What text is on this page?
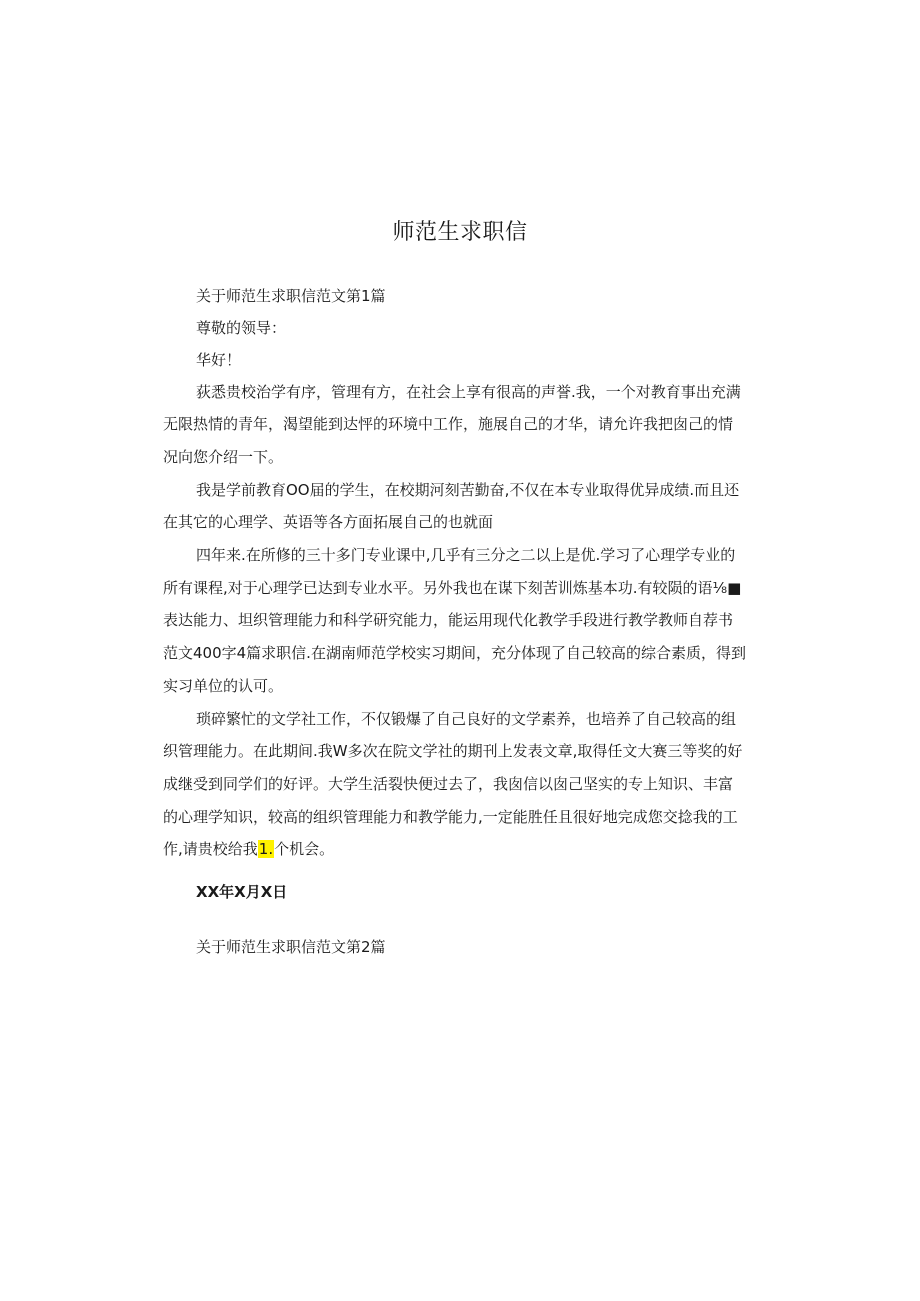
师范生求职信
关于师范生求职信范文第1篇
尊敬的领导：
华好！
荻悉贵校治学有序，管理有方，在社会上享有很高的声誉.我，一个对教育事出充满
无限热情的青年，渴望能到达怦的环境中工作，施展自己的才华，请允许我把囱己的情
况向您介绍一下。
我是学前教育OO届的学生，在校期河刻苦勤奋,不仅在本专业取得优异成绩.而且还
在其它的心理学、英语等各方面拓展自己的也就面
四年来.在所修的三十多门专业课中,几乎有三分之二以上是优.学习了心理学专业的
所有课程,对于心理学已达到专业水平。另外我也在谋下刻苦训炼基本功.有较陨的语⅛■
表达能力、坦织管理能力和科学研究能力，能运用现代化教学手段进行教学教师自荐书
范文400字4篇求职信.在湖南师范学校实习期间，充分体现了自己较高的综合素质，得到
实习单位的认可。
琐碎繁忙的文学社工作，不仅锻爆了自己良好的文学素养，也培养了自己较高的组
织管理能力。在此期间.我W多次在院文学社的期刊上发表文章,取得任文大赛三等奖的好
成继受到同学们的好评。大学生活裂快便过去了，我囱信以囱己坚实的专上知识、丰富
的心理学知识，较高的组织管理能力和教学能力,一定能胜任且很好地完成您交捻我的工
作,请贵校给我1.个机会。
XX年X月X日
关于师范生求职信范文第2篇
